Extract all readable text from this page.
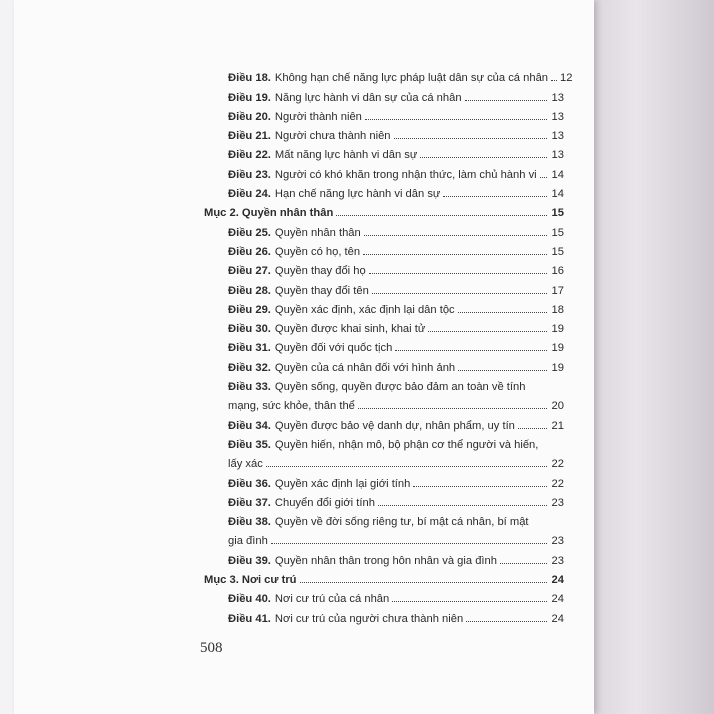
Điều 18. Không hạn chế năng lực pháp luật dân sự của cá nhân 12
Điều 19. Năng lực hành vi dân sự của cá nhân	13
Điều 20. Người thành niên	13
Điều 21. Người chưa thành niên	13
Điều 22. Mất năng lực hành vi dân sự	13
Điều 23. Người có khó khăn trong nhận thức, làm chủ hành vi 14
Điều 24. Hạn chế năng lực hành vi dân sự	14
Mục 2. Quyền nhân thân	15
Điều 25. Quyền nhân thân	15
Điều 26. Quyền có họ, tên	15
Điều 27. Quyền thay đổi họ	16
Điều 28. Quyền thay đổi tên	17
Điều 29. Quyền xác định, xác định lại dân tộc	18
Điều 30. Quyền được khai sinh, khai tử	19
Điều 31. Quyền đối với quốc tịch	19
Điều 32. Quyền của cá nhân đối với hình ảnh	19
Điều 33. Quyền sống, quyền được bảo đảm an toàn về tính
mạng, sức khỏe, thân thể	20
Điều 34. Quyền được bảo vệ danh dự, nhân phẩm, uy tín	21
Điều 35. Quyền hiến, nhận mô, bộ phận cơ thể người và hiến,
lấy xác	22
Điều 36. Quyền xác định lại giới tính	22
Điều 37. Chuyển đổi giới tính	23
Điều 38. Quyền về đời sống riêng tư, bí mật cá nhân, bí mật
gia đình	23
Điều 39. Quyền nhân thân trong hôn nhân và gia đình	23
Mục 3. Nơi cư trú	24
Điều 40. Nơi cư trú của cá nhân	24
Điều 41. Nơi cư trú của người chưa thành niên	24
508
